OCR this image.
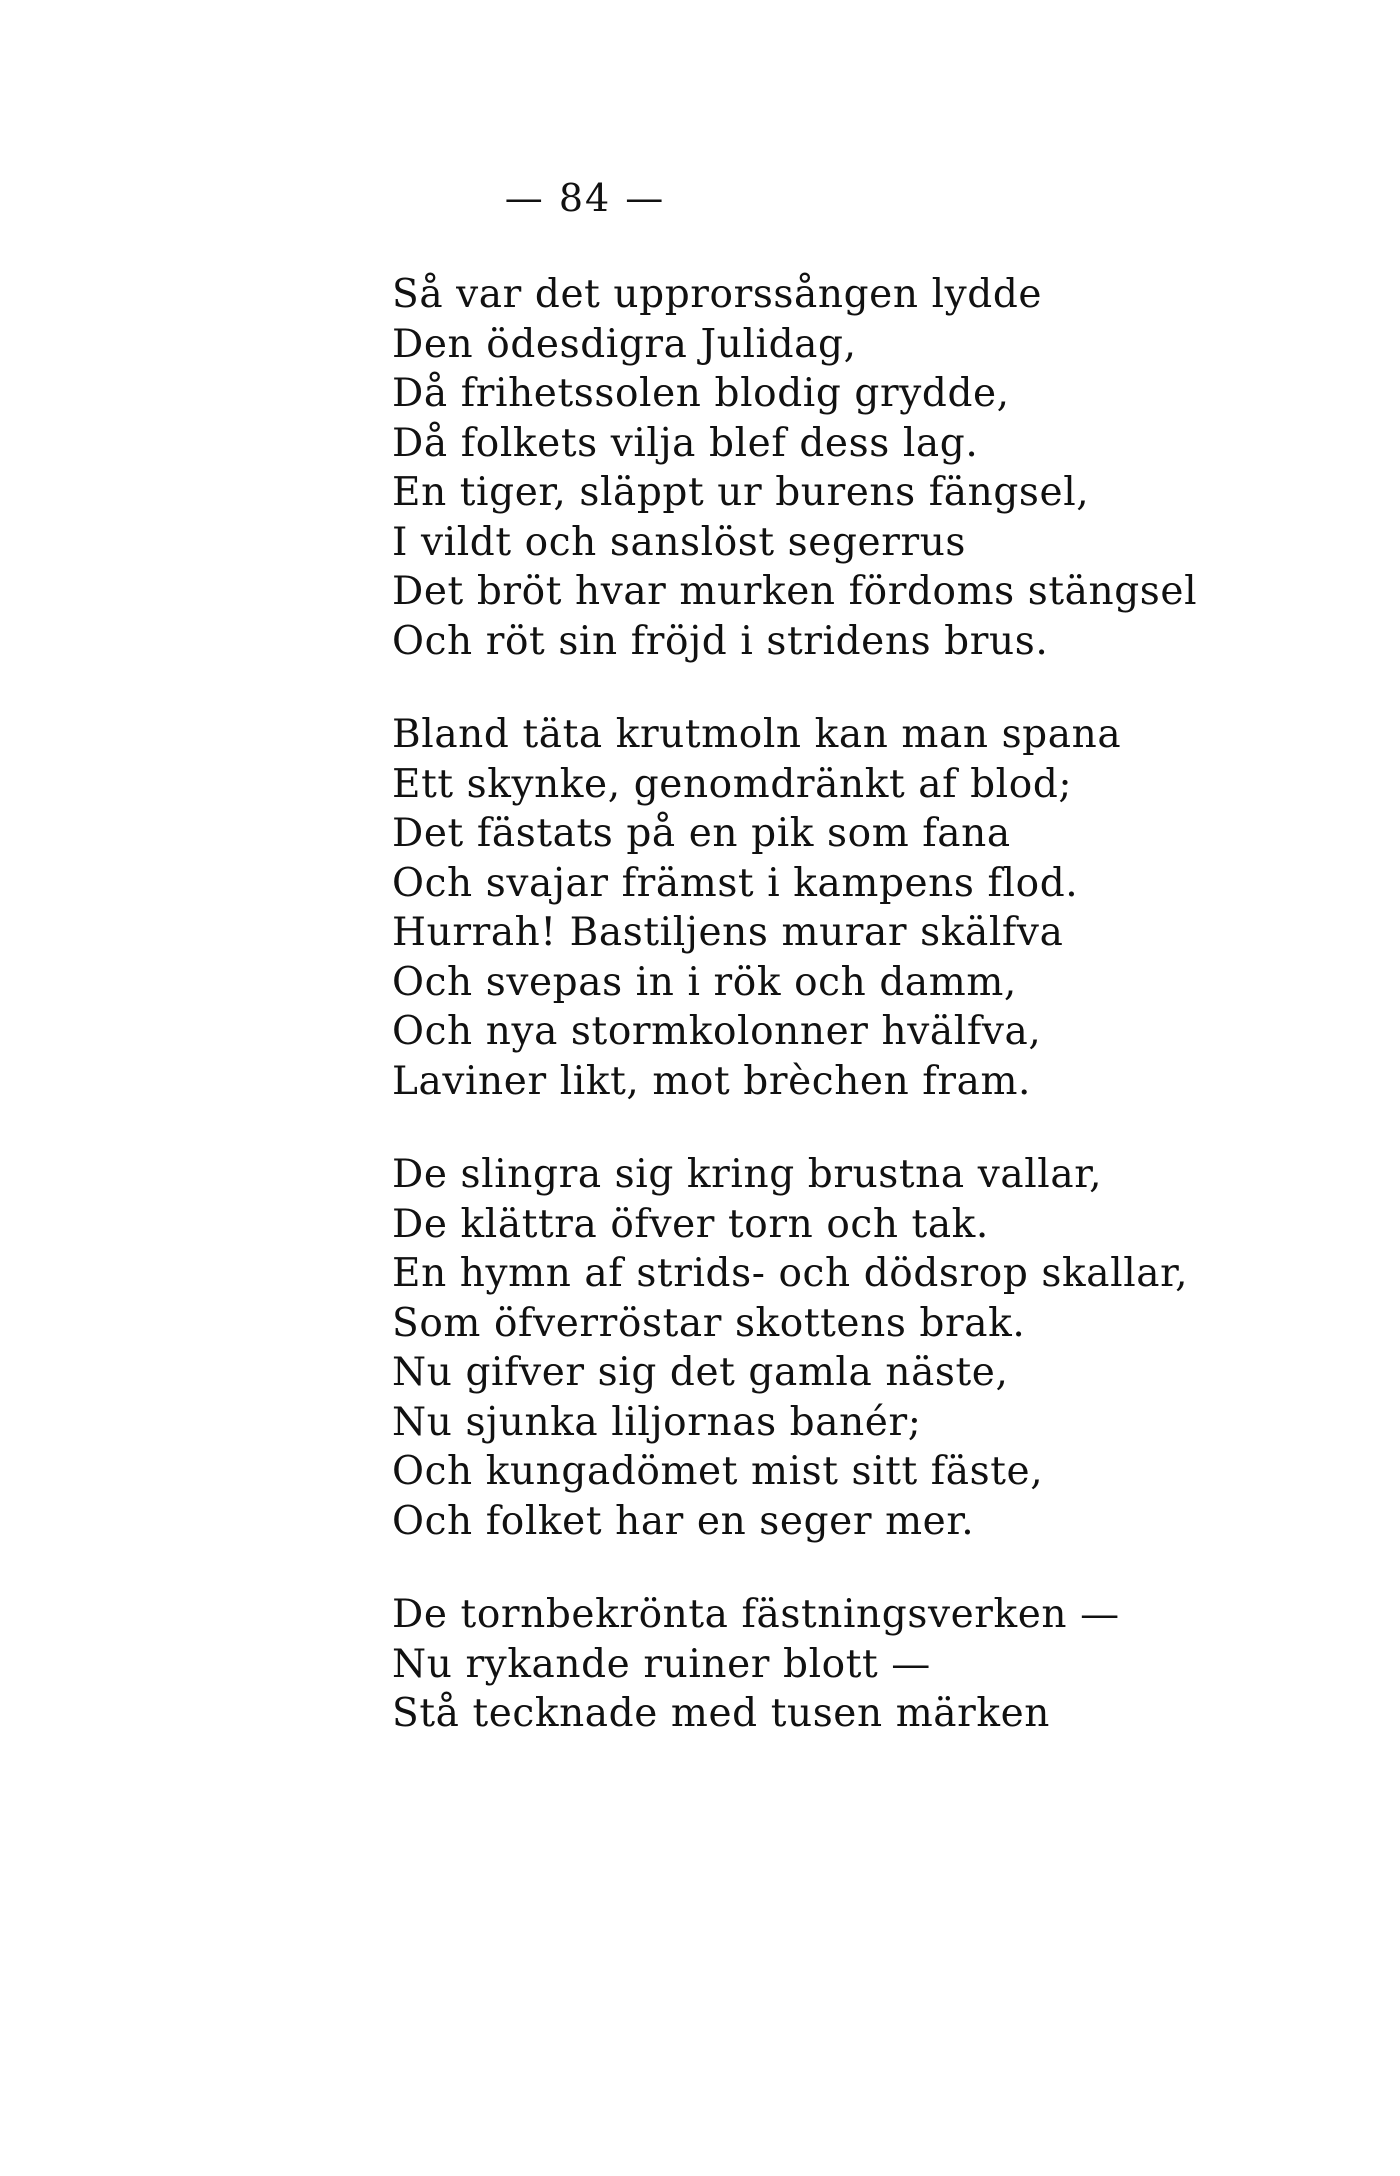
— 84 —
Så var det upprorssången lydde
Den ödesdigra Julidag,
Då frihetssolen blodig grydde,
Då folkets vilja blef dess lag.
En tiger, släppt ur burens fängsel,
I vildt och sanslöst segerrus
Det bröt hvar murken fördoms stängsel
Och röt sin fröjd i stridens brus.
Bland täta krutmoln kan man spana
Ett skynke, genomdränkt af blod;
Det fästats på en pik som fana
Och svajar främst i kampens flod.
Hurrah! Bastiljens murar skälfva
Och svepas in i rök och damm,
Och nya stormkolonner hvälfva,
Laviner likt, mot brèchen fram.
De slingra sig kring brustna vallar,
De klättra öfver torn och tak.
En hymn af strids- och dödsrop skallar,
Som öfverröstar skottens brak.
Nu gifver sig det gamla näste,
Nu sjunka liljornas banér;
Och kungadömet mist sitt fäste,
Och folket har en seger mer.
De tornbekrönta fästningsverken —
Nu rykande ruiner blott —
Stå tecknade med tusen märken
